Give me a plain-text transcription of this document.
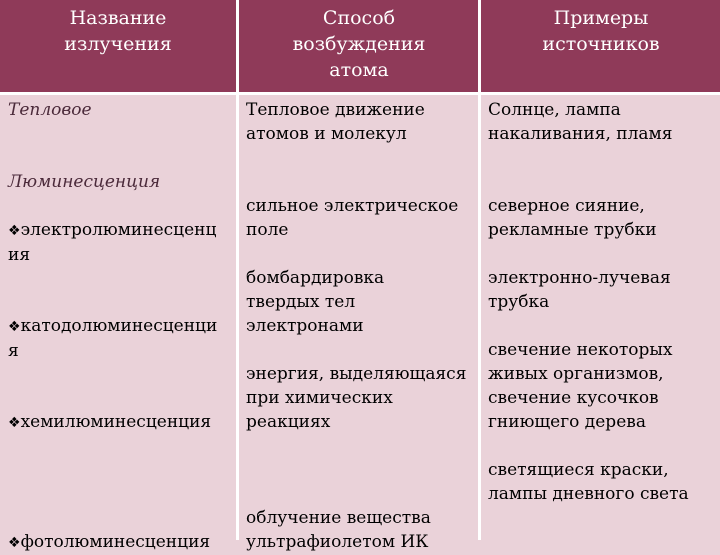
Название
излучения
Способ
возбуждения
атома
Примеры
источников
Тепловое	Тепловое движение
атомов и молекул
Солнце, лампа
накаливания, пламя
Люминесценция

❖электролюминесценц
ия

сильное электрическое
поле
северное сияние,
рекламные трубки

❖катодолюминесценци
я

бомбардировка
твердых тел
электронами
электронно-лучевая
трубка

❖хемилюминесценция

энергия, выделяющаяся
при химических
реакциях
свечение некоторых
живых организмов,
свечение кусочков
гниющего дерева

❖фотолюминесценция

облучение вещества
ультрафиолетом ИК
светящиеся краски,
лампы дневного света
